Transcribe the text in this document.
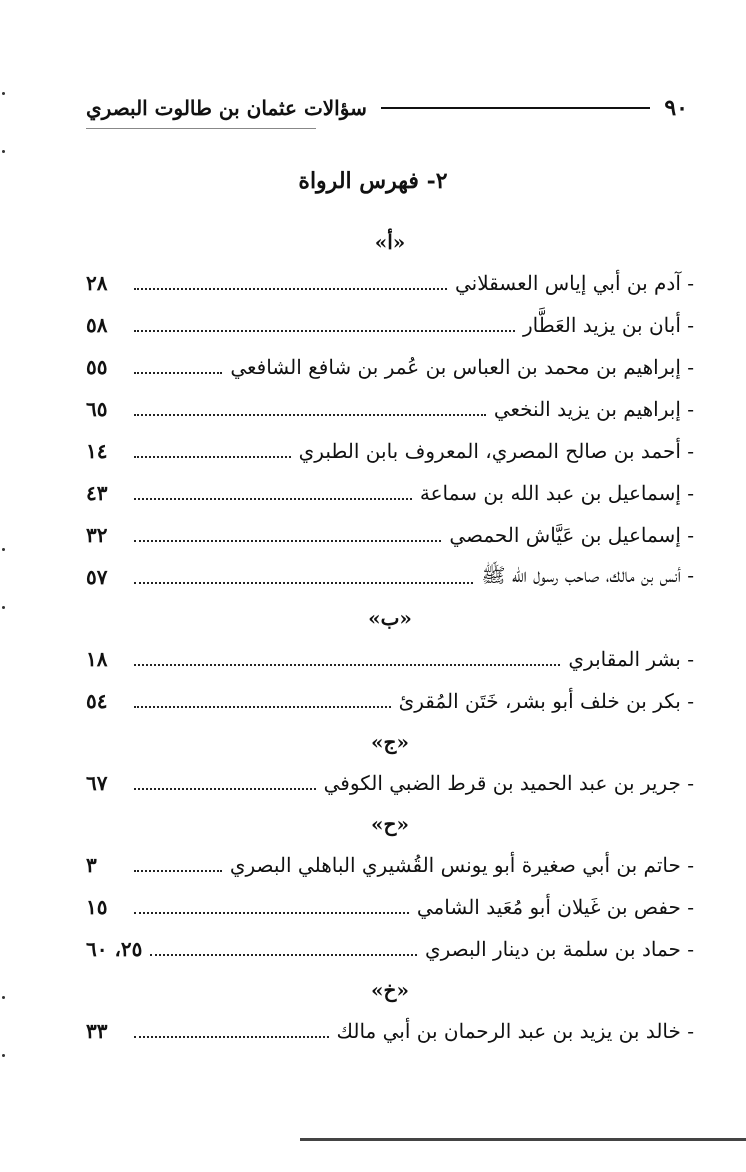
٩٠
سؤالات عثمان بن طالوت البصري
٢- فهرس الرواة
«أ»
- آدم بن أبي إياس العسقلاني
٢٨
- أبان بن يزيد العَطَّار
٥٨
- إبراهيم بن محمد بن العباس بن عُمر بن شافع الشافعي
٥٥
- إبراهيم بن يزيد النخعي
٦٥
- أحمد بن صالح المصري، المعروف بابن الطبري
١٤
- إسماعيل بن عبد الله بن سماعة
٤٣
- إسماعيل بن عَيَّاش الحمصي
٣٢
- أنس بن مالك، صاحب رسول الله ﷺ
٥٧
«ب»
- بشر المقابري
١٨
- بكر بن خلف أبو بشر، خَتَن المُقرئ
٥٤
«ج»
- جرير بن عبد الحميد بن قرط الضبي الكوفي
٦٧
«ح»
- حاتم بن أبي صغيرة أبو يونس القُشيري الباهلي البصري
٣
- حفص بن غَيلان أبو مُعَيد الشامي
١٥
- حماد بن سلمة بن دينار البصري
٢٥، ٦٠
«خ»
- خالد بن يزيد بن عبد الرحمان بن أبي مالك
٣٣
